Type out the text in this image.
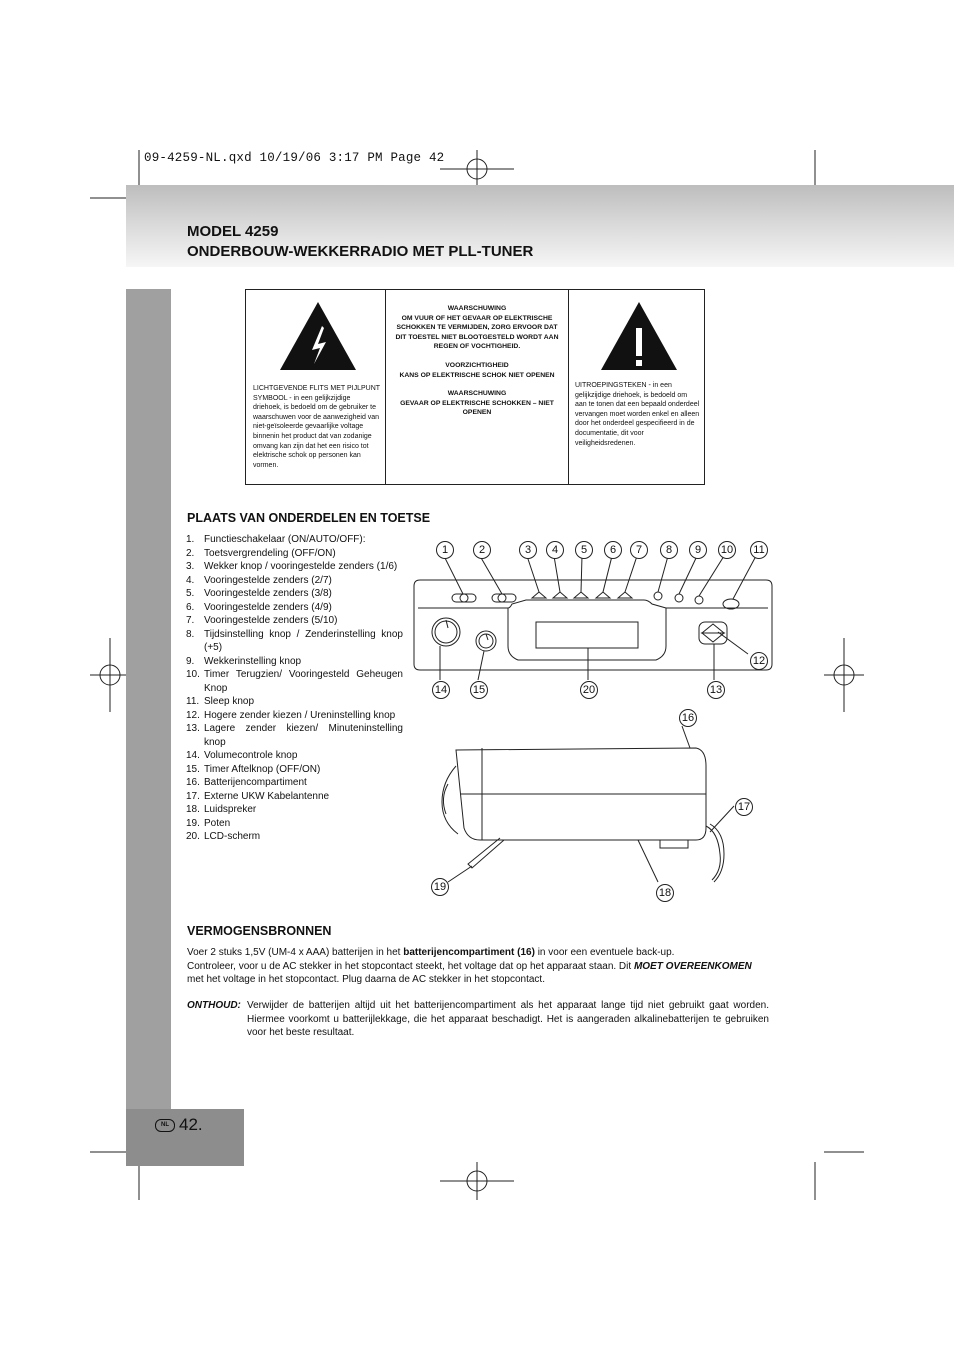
09-4259-NL.qxd 10/19/06 3:17 PM Page 42
MODEL 4259
ONDERBOUW-WEKKERRADIO MET PLL-TUNER
LICHTGEVENDE FLITS MET PIJLPUNT SYMBOOL - in een gelijkzijdige driehoek, is bedoeld om de gebruiker te waarschuwen voor de aanwezigheid van niet-geïsoleerde gevaarlijke voltage binnenin het product dat van zodanige omvang kan zijn dat het een risico tot elektrische schok op personen kan vormen.
WAARSCHUWING

OM VUUR OF HET GEVAAR OP ELEKTRISCHE SCHOKKEN TE VERMIJDEN, ZORG ERVOOR DAT DIT TOESTEL NIET BLOOTGESTELD WORDT AAN REGEN OF VOCHTIGHEID.

VOORZICHTIGHEID

KANS OP ELEKTRISCHE SCHOK NIET OPENEN

WAARSCHUWING

GEVAAR OP ELEKTRISCHE SCHOKKEN – NIET OPENEN

UITROEPINGSTEKEN - in een gelijkzijdige driehoek, is bedoeld om aan te tonen dat een bepaald onderdeel vervangen moet worden enkel en alleen door het onderdeel gespecifieerd in de documentatie, dit voor veiligheidsredenen.
PLAATS VAN ONDERDELEN EN TOETSE
1. Functieschakelaar (ON/AUTO/OFF):
2. Toetsvergrendeling (OFF/ON)
3. Wekker knop / vooringestelde zenders (1/6)
4. Vooringestelde zenders (2/7)
5. Vooringestelde zenders (3/8)
6. Vooringestelde zenders (4/9)
7. Vooringestelde zenders (5/10)
8. Tijdsinstelling knop / Zenderinstelling knop (+5)
9. Wekkerinstelling knop
10. Timer Terugzien/ Vooringesteld Geheugen Knop
11. Sleep knop
12. Hogere zender kiezen / Ureninstelling knop
13. Lagere zender kiezen/ Minuteninstelling knop
14. Volumecontrole knop
15. Timer Aftelknop (OFF/ON)
16. Batterijencompartiment
17. Externe UKW Kabelantenne
18. Luidspreker
19. Poten
20. LCD-scherm
1	2	3	4	5	6	7	8	9	10 11
12
13
14 15	20
16
17
18
19
VERMOGENSBRONNEN
Voer 2 stuks 1,5V (UM-4 x AAA) batterijen in het batterijencompartiment (16) in voor een eventuele back-up.
Controleer, voor u de AC stekker in het stopcontact steekt, het voltage dat op het apparaat staan. Dit MOET OVEREENKOMEN
met het voltage in het stopcontact. Plug daarna de AC stekker in het stopcontact.
ONTHOUD: Verwijder de batterijen altijd uit het batterijencompartiment als het apparaat lange tijd niet gebruikt gaat worden. Hiermee voorkomt u batterijlekkage, die het apparaat beschadigt. Het is aangeraden alkalinebatterijen te gebruiken voor het beste resultaat.
NL 42.
